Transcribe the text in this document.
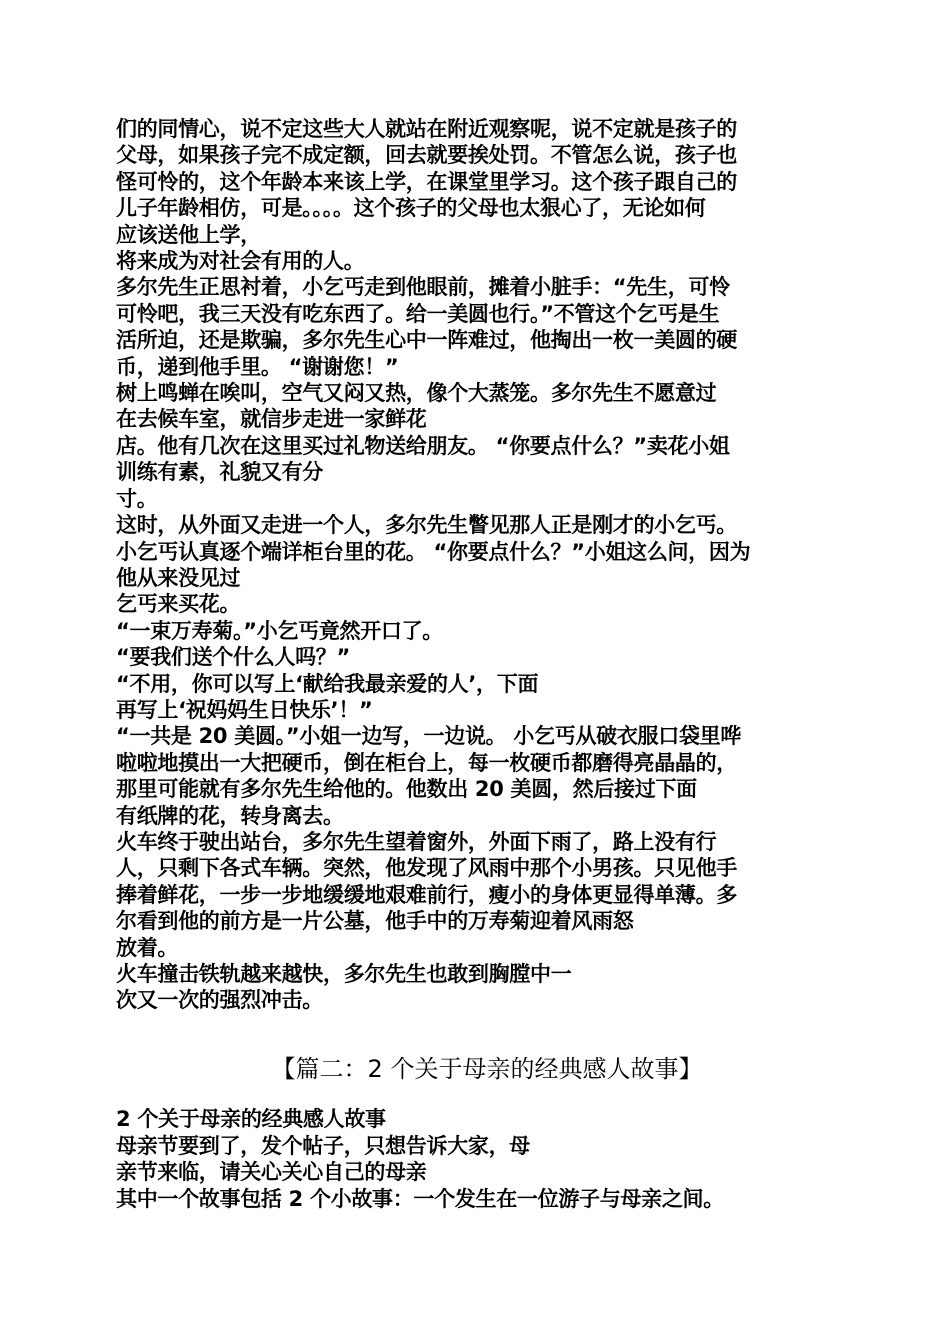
们的同情心，说不定这些大人就站在附近观察呢，说不定就是孩子的

父母，如果孩子完不成定额，回去就要挨处罚。不管怎么说，孩子也

怪可怜的，这个年龄本来该上学，在课堂里学习。这个孩子跟自己的

儿子年龄相仿，可是。。。。这个孩子的父母也太狠心了，无论如何

应该送他上学，

将来成为对社会有用的人。

多尔先生正思衬着，小乞丐走到他眼前，摊着小脏手：“先生，可怜

可怜吧，我三天没有吃东西了。给一美圆也行。”不管这个乞丐是生

活所迫，还是欺骗，多尔先生心中一阵难过，他掏出一枚一美圆的硬

币，递到他手里。 “谢谢您！”

树上鸣蝉在唉叫，空气又闷又热，像个大蒸笼。多尔先生不愿意过

在去候车室，就信步走进一家鲜花

店。他有几次在这里买过礼物送给朋友。 “你要点什么？”卖花小姐

训练有素，礼貌又有分

寸。

这时，从外面又走进一个人，多尔先生瞥见那人正是刚才的小乞丐。

小乞丐认真逐个端详柜台里的花。 “你要点什么？”小姐这么问，因为

他从来没见过

乞丐来买花。

“一束万寿菊。”小乞丐竟然开口了。

“要我们送个什么人吗？”

“不用，你可以写上‘献给我最亲爱的人’，下面

再写上‘祝妈妈生日快乐’！”

“一共是 20 美圆。”小姐一边写，一边说。 小乞丐从破衣服口袋里哗

啦啦地摸出一大把硬币，倒在柜台上，每一枚硬币都磨得亮晶晶的，

那里可能就有多尔先生给他的。他数出 20 美圆，然后接过下面

有纸牌的花，转身离去。

火车终于驶出站台，多尔先生望着窗外，外面下雨了，路上没有行

人，只剩下各式车辆。突然，他发现了风雨中那个小男孩。只见他手

捧着鲜花，一步一步地缓缓地艰难前行，瘦小的身体更显得单薄。多

尔看到他的前方是一片公墓，他手中的万寿菊迎着风雨怒

放着。

火车撞击铁轨越来越快，多尔先生也敢到胸膛中一

次又一次的强烈冲击。

【篇二：2 个关于母亲的经典感人故事】

2 个关于母亲的经典感人故事

母亲节要到了，发个帖子，只想告诉大家，母

亲节来临，请关心关心自己的母亲

其中一个故事包括 2 个小故事：一个发生在一位游子与母亲之间。
